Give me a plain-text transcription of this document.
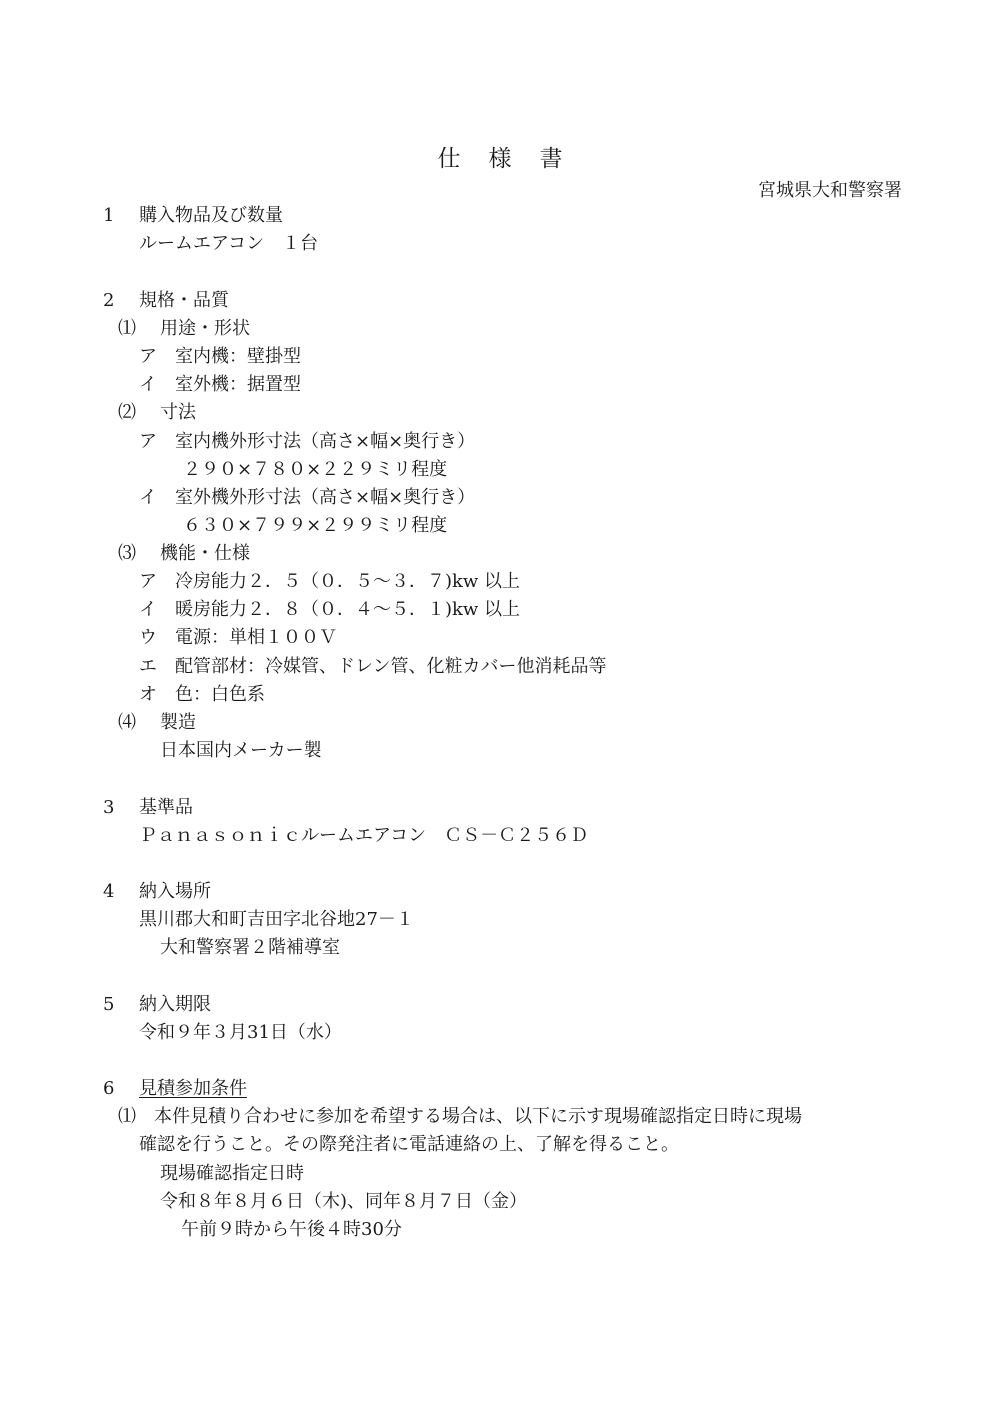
仕 様 書
宮城県大和警察署
1 購入物品及び数量
ルームエアコン　１台
2 規格・品質
⑴ 用途・形状
ア　室内機：壁掛型
イ　室外機：据置型
⑵ 寸法
ア　室内機外形寸法（高さ×幅×奥行き）
２９０×７８０×２２９ミリ程度
イ　室外機外形寸法（高さ×幅×奥行き）
６３０×７９９×２９９ミリ程度
⑶ 機能・仕様
ア　冷房能力２．５（０．５～３．７)kw 以上
イ　暖房能力２．８（０．４～５．１)kw 以上
ウ　電源：単相１００Ｖ
エ　配管部材：冷媒管、ドレン管、化粧カバー他消耗品等
オ　色：白色系
⑷ 製造
日本国内メーカー製
3 基準品
Ｐａｎａｓｏｎｉｃルームエアコン　ＣＳ－Ｃ２５６Ｄ
4 納入場所
黒川郡大和町吉田字北谷地27－１
大和警察署２階補導室
5 納入期限
令和９年３月31日（水）
6 見積参加条件
⑴ 本件見積り合わせに参加を希望する場合は、以下に示す現場確認指定日時に現場
確認を行うこと。その際発注者に電話連絡の上、了解を得ること。
現場確認指定日時
令和８年８月６日（木)、同年８月７日（金）
午前９時から午後４時30分
